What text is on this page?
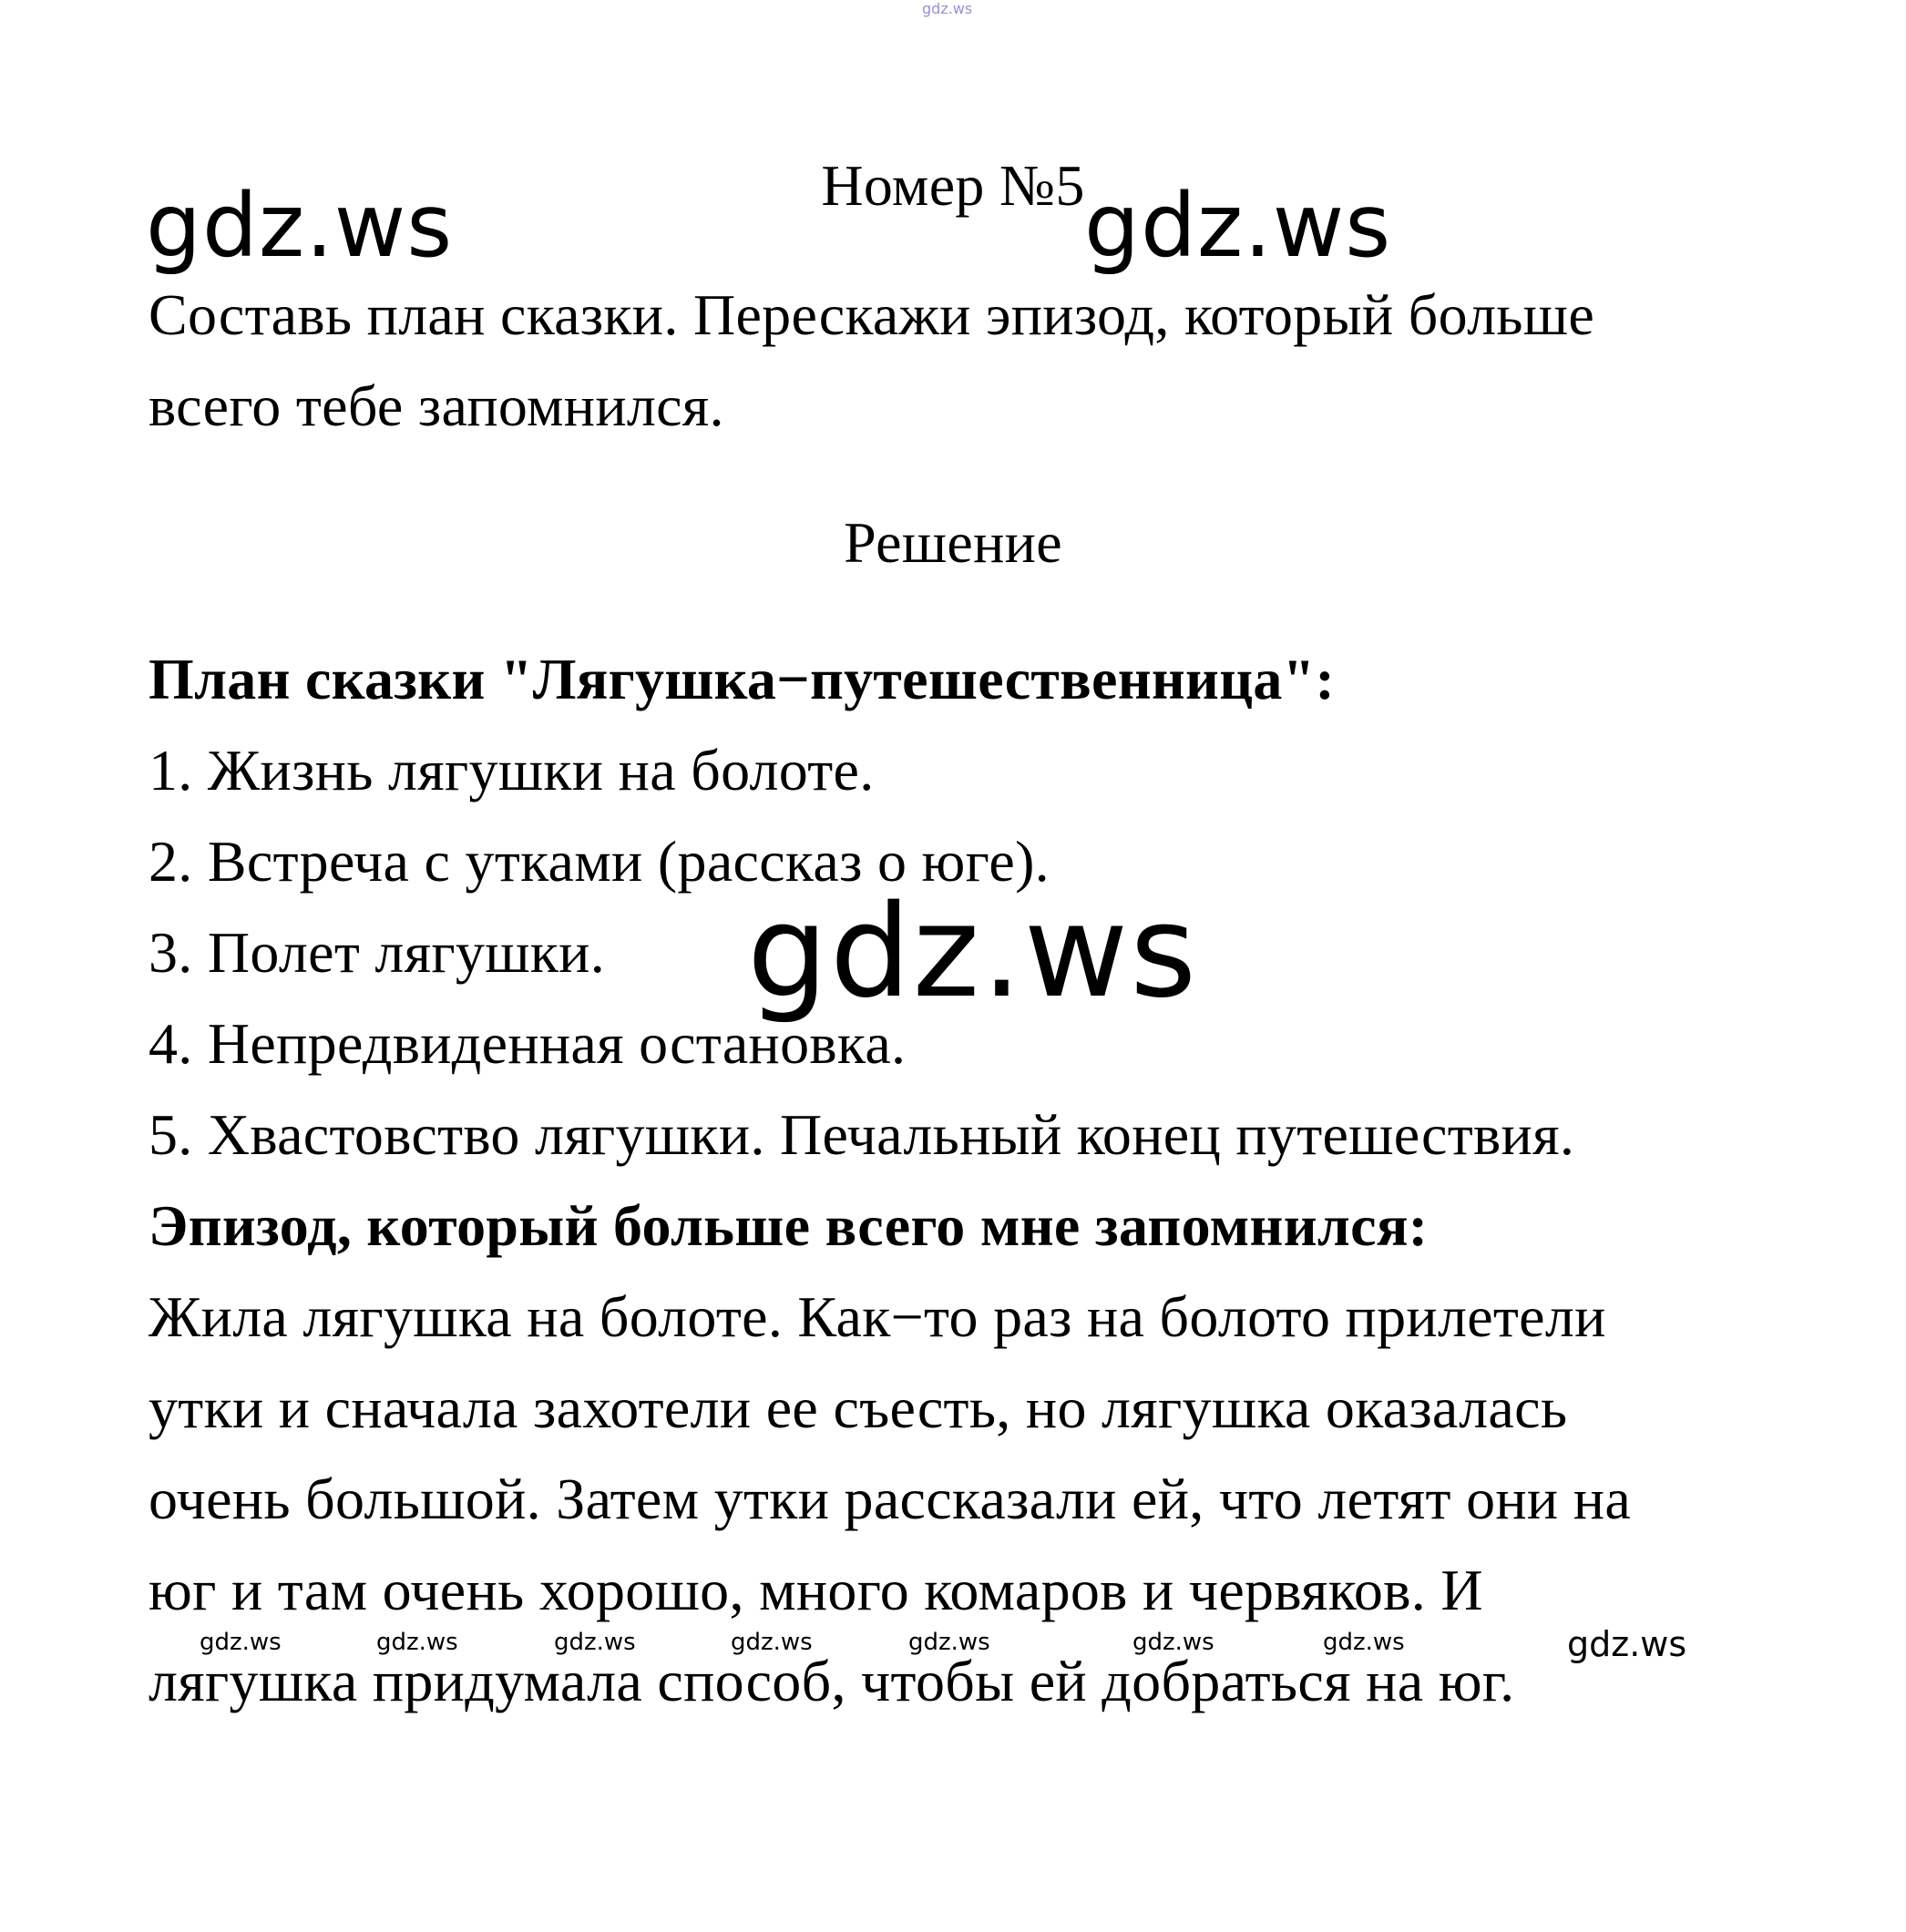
gdz.ws
Номер №5
gdz.ws	gdz.ws
Составь план сказки. Перескажи эпизод, который больше
всего тебе запомнился.
Решение
План сказки "Лягушка−путешественница":
1. Жизнь лягушки на болоте.
2. Встреча с утками (рассказ о юге).
3. Полет лягушки.
4. Непредвиденная остановка.
5. Хвастовство лягушки. Печальный конец путешествия.
gdz.ws
Эпизод, который больше всего мне запомнился:
Жила лягушка на болоте. Как−то раз на болото прилетели
утки и сначала захотели ее съесть, но лягушка оказалась
очень большой. Затем утки рассказали ей, что летят они на
юг и там очень хорошо, много комаров и червяков. И
лягушка придумала способ, чтобы ей добраться на юг.
gdz.ws	gdz.ws	gdz.ws	gdz.ws	gdz.ws	gdz.ws	gdz.ws	gdz.ws
